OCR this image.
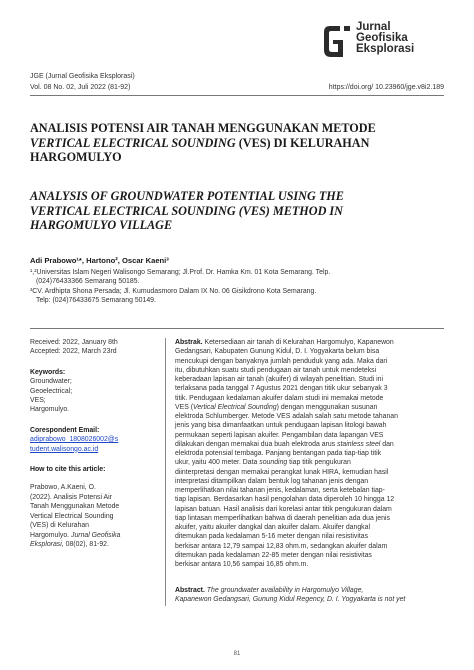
Jurnal
Geofisika
Eksplorasi
JGE (Jurnal Geofisika Eksplorasi)
Vol. 08 No. 02, Juli 2022 (81-92)	https://doi.org/ 10.23960/jge.v8i2.189
ANALISIS POTENSI AIR TANAH MENGGUNAKAN METODE
VERTICAL ELECTRICAL SOUNDING (VES) DI KELURAHAN
HARGOMULYO
ANALYSIS OF GROUNDWATER POTENTIAL USING THE
VERTICAL ELECTRICAL SOUNDING (VES) METHOD IN
HARGOMULYO VILLAGE
Adi Prabowo¹*, Hartono², Oscar Kaeni³
¹,²Universitas Islam Negeri Walisongo Semarang; Jl.Prof. Dr. Hamka Km. 01 Kota Semarang. Telp.
(024)76433366 Semarang 50185.
³CV. Ardhipta Shona Persada; Jl. Kumudasmoro Dalam IX No. 06 Gisikdrono Kota Semarang.
Telp: (024)76433675 Semarang 50149.
Received: 2022, January 8th
Accepted: 2022, March 23rd
Keywords:
Groundwater;
Geoelectrical;
VES;
Hargomulyo.
Corespondent Email:
adiprabowo_1808026002@s
tudent.walisongo.ac.id
How to cite this article:
Prabowo, A.Kaeni, O.
(2022). Analisis Potensi Air
Tanah Menggunakan Metode
Vertical Electrical Sounding
(VES) di Kelurahan
Hargomulyo. Jurnal Geofisika
Eksplorasi, 08(02), 81-92.
Abstrak. Ketersediaan air tanah di Kelurahan Hargomulyo, Kapanewon
Gedangsari, Kabupaten Gunung Kidul, D. I. Yogyakarta belum bisa
mencukupi dengan banyaknya jumlah penduduk yang ada. Maka dari
itu, dibutuhkan suatu studi pendugaan air tanah untuk mendeteksi
keberadaan lapisan air tanah (akuifer) di wilayah penelitian. Studi ini
terlaksana pada tanggal 7 Agustus 2021 dengan titik ukur sebanyak 3
titik. Pendugaan kedalaman akuifer dalam studi ini memakai metode
VES (Vertical Electrical Sounding) dengan menggunakan susunan
elektroda Schlumberger. Metode VES adalah salah satu metode tahanan
jenis yang bisa dimanfaatkan untuk pendugaan lapisan litologi bawah
permukaan seperti lapisan akuifer. Pengambilan data lapangan VES
dilakukan dengan memakai dua buah elektroda arus stainless steel dan
elektroda potensial tembaga. Panjang bentangan pada tiap-tiap titik
ukur, yaitu 400 meter. Data sounding tiap titik pengukuran
diinterpretasi dengan memakai perangkat lunak HIRA, kemudian hasil
interpretasi ditampilkan dalam bentuk log tahanan jenis dengan
memperlihatkan nilai tahanan jenis, kedalaman, serta ketebalan tiap-
tiap lapisan. Berdasarkan hasil pengolahan data diperoleh 10 hingga 12
lapisan batuan. Hasil analisis dari korelasi antar titik pengukuran dalam
tiap lintasan memperlihatkan bahwa di daerah penelitian ada dua jenis
akuifer, yaitu akuifer dangkal dan akuifer dalam. Akuifer dangkal
ditemukan pada kedalaman 5-16 meter dengan nilai resistivitas
berkisar antara 12,79 sampai 12,83 ohm.m, sedangkan akuifer dalam
ditemukan pada kedalaman 22-85 meter dengan nilai resistivitas
berkisar antara 10,56 sampai 16,85 ohm.m.
Abstract. The groundwater availability in Hargomulyo Village,
Kapanewon Gedangsari, Gunung Kidul Regency, D. I. Yogyakarta is not yet
81
